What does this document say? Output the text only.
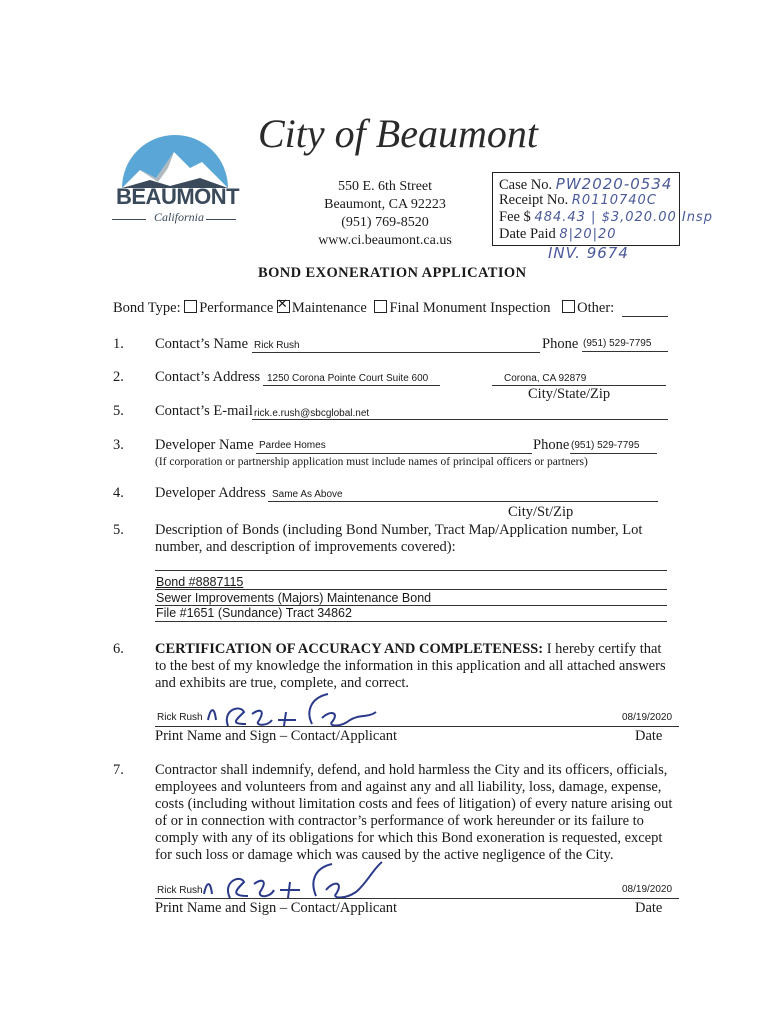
BEAUMONT
California
City of Beaumont
550 E. 6th Street
Beaumont, CA 92223
(951) 769-8520
www.ci.beaumont.ca.us
Case No. PW2020-0534
Receipt No. R0110740C
Fee $ 484.43 | $3,020.00 Insp
Date Paid 8|20|20
INV. 9674
BOND EXONERATION APPLICATION
Bond Type: Performance ✕ Maintenance Final Monument Inspection Other:
1. Contact’s Name Rick Rush	Phone (951) 529-7795
2. Contact’s Address 1250 Corona Pointe Court Suite 600	Corona, CA 92879
City/State/Zip
5. Contact’s E-mail rick.e.rush@sbcglobal.net
3. Developer Name Pardee Homes	Phone (951) 529-7795
(If corporation or partnership application must include names of principal officers or partners)
4. Developer Address Same As Above
City/St/Zip
5. Description of Bonds (including Bond Number, Tract Map/Application number, Lot
number, and description of improvements covered):
Bond #8887115
Sewer Improvements (Majors) Maintenance Bond
File #1651 (Sundance) Tract 34862
6. CERTIFICATION OF ACCURACY AND COMPLETENESS: I hereby certify that
to the best of my knowledge the information in this application and all attached answers
and exhibits are true, complete, and correct.
Rick Rush	08/19/2020
Print Name and Sign – Contact/Applicant	Date
7. Contractor shall indemnify, defend, and hold harmless the City and its officers, officials,
employees and volunteers from and against any and all liability, loss, damage, expense,
costs (including without limitation costs and fees of litigation) of every nature arising out
of or in connection with contractor’s performance of work hereunder or its failure to
comply with any of its obligations for which this Bond exoneration is requested, except
for such loss or damage which was caused by the active negligence of the City.
Rick Rush	08/19/2020
Print Name and Sign – Contact/Applicant	Date
